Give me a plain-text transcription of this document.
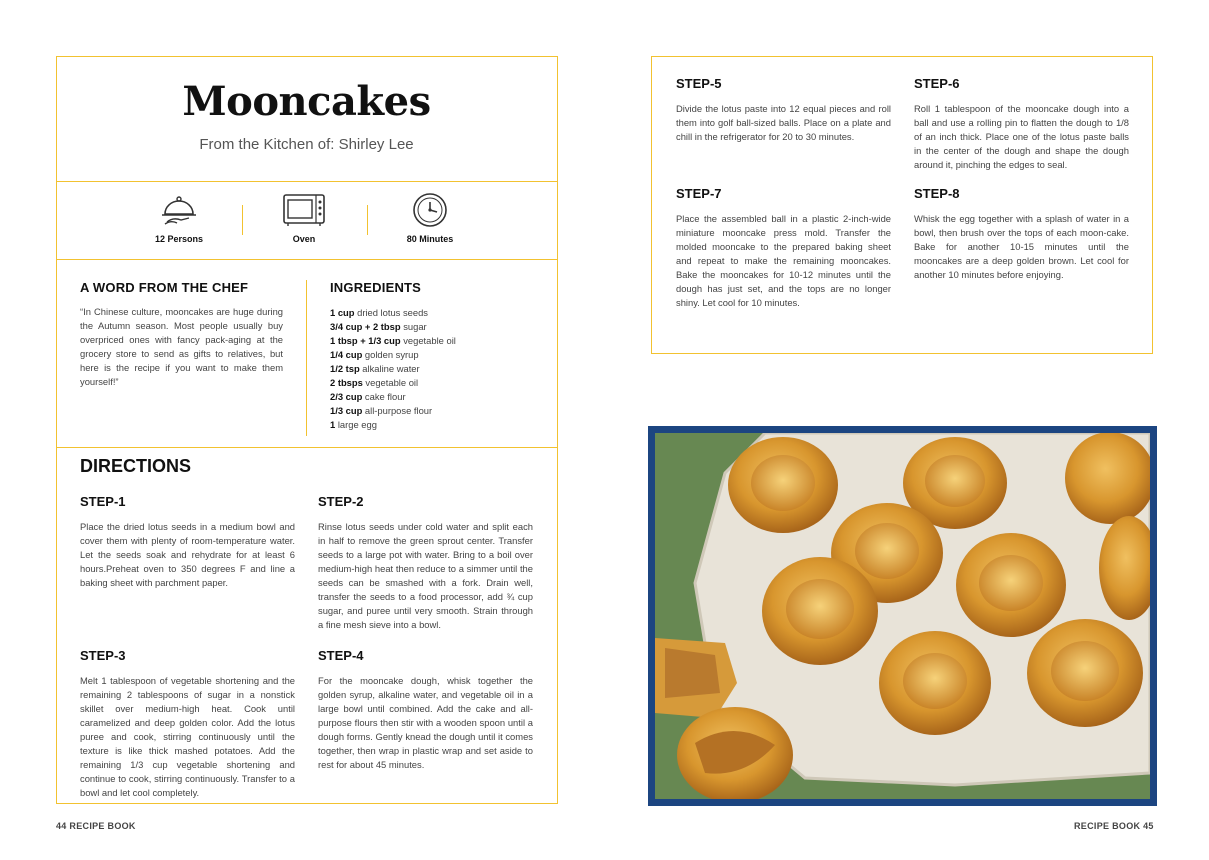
Mooncakes
From the Kitchen of: Shirley Lee
12 Persons	Oven	80 Minutes
A WORD FROM THE CHEF
“In Chinese culture, mooncakes are huge during the Autumn season. Most people usually buy overpriced ones with fancy pack-aging at the grocery store to send as gifts to relatives, but here is the recipe if you want to make them yourself!”
INGREDIENTS
1 cup dried lotus seeds
3/4 cup + 2 tbsp sugar
1 tbsp + 1/3 cup vegetable oil
1/4 cup golden syrup
1/2 tsp alkaline water
2 tbsps vegetable oil
2/3 cup cake flour
1/3 cup all-purpose flour
1 large egg
DIRECTIONS
STEP-1
Place the dried lotus seeds in a medium bowl and cover them with plenty of room-temperature water. Let the seeds soak and rehydrate for at least 6 hours.Preheat oven to 350 degrees F and line a baking sheet with parchment paper.
STEP-2
Rinse lotus seeds under cold water and split each in half to remove the green sprout center. Transfer seeds to a large pot with water. Bring to a boil over medium-high heat then reduce to a simmer until the seeds can be smashed with a fork. Drain well, transfer the seeds to a food processor, add ¾ cup sugar, and puree until very smooth. Strain through a fine mesh sieve into a bowl.
STEP-3
Melt 1 tablespoon of vegetable shortening and the remaining 2 tablespoons of sugar in a nonstick skillet over medium-high heat. Cook until caramelized and deep golden color. Add the lotus puree and cook, stirring continuously until the texture is like thick mashed potatoes. Add the remaining 1/3 cup vegetable shortening and continue to cook, stirring continuously. Transfer to a bowl and let cool completely.
STEP-4
For the mooncake dough, whisk together the golden syrup, alkaline water, and vegetable oil in a large bowl until combined. Add the cake and all-purpose flours then stir with a wooden spoon until a dough forms. Gently knead the dough until it comes together, then wrap in plastic wrap and set aside to rest for about 45 minutes.
STEP-5
Divide the lotus paste into 12 equal pieces and roll them into golf ball-sized balls. Place on a plate and chill in the refrigerator for 20 to 30 minutes.
STEP-6
Roll 1 tablespoon of the mooncake dough into a ball and use a rolling pin to flatten the dough to 1/8 of an inch thick. Place one of the lotus paste balls in the center of the dough and shape the dough around it, pinching the edges to seal.
STEP-7
Place the assembled ball in a plastic 2-inch-wide miniature mooncake press mold. Transfer the molded mooncake to the prepared baking sheet and repeat to make the remaining mooncakes. Bake the mooncakes for 10-12 minutes until the dough has just set, and the tops are no longer shiny. Let cool for 10 minutes.
STEP-8
Whisk the egg together with a splash of water in a bowl, then brush over the tops of each moon-cake. Bake for another 10-15 minutes until the mooncakes are a deep golden brown. Let cool for another 10 minutes before enjoying.
44 RECIPE BOOK	RECIPE BOOK 45
